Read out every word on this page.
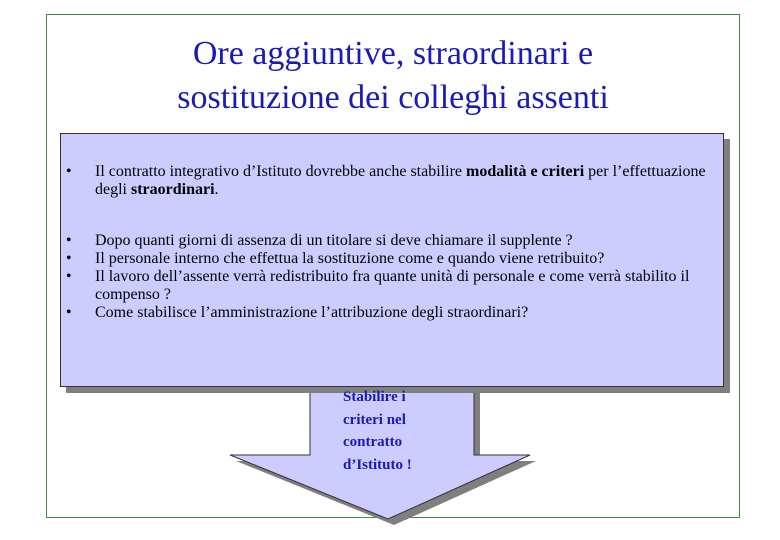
Ore aggiuntive, straordinari e
sostituzione dei colleghi assenti
• Il contratto integrativo d’Istituto dovrebbe anche stabilire modalità e criteri per l’effettuazione degli straordinari.
• Dopo quanti giorni di assenza di un titolare si deve chiamare il supplente ?
• Il personale interno che effettua la sostituzione come e quando viene retribuito?
• Il lavoro dell’assente verrà redistribuito fra quante unità di personale e come verrà stabilito il compenso ?
• Come stabilisce l’amministrazione l’attribuzione degli straordinari?
Stabilire i
criteri nel
contratto
d’Istituto !
